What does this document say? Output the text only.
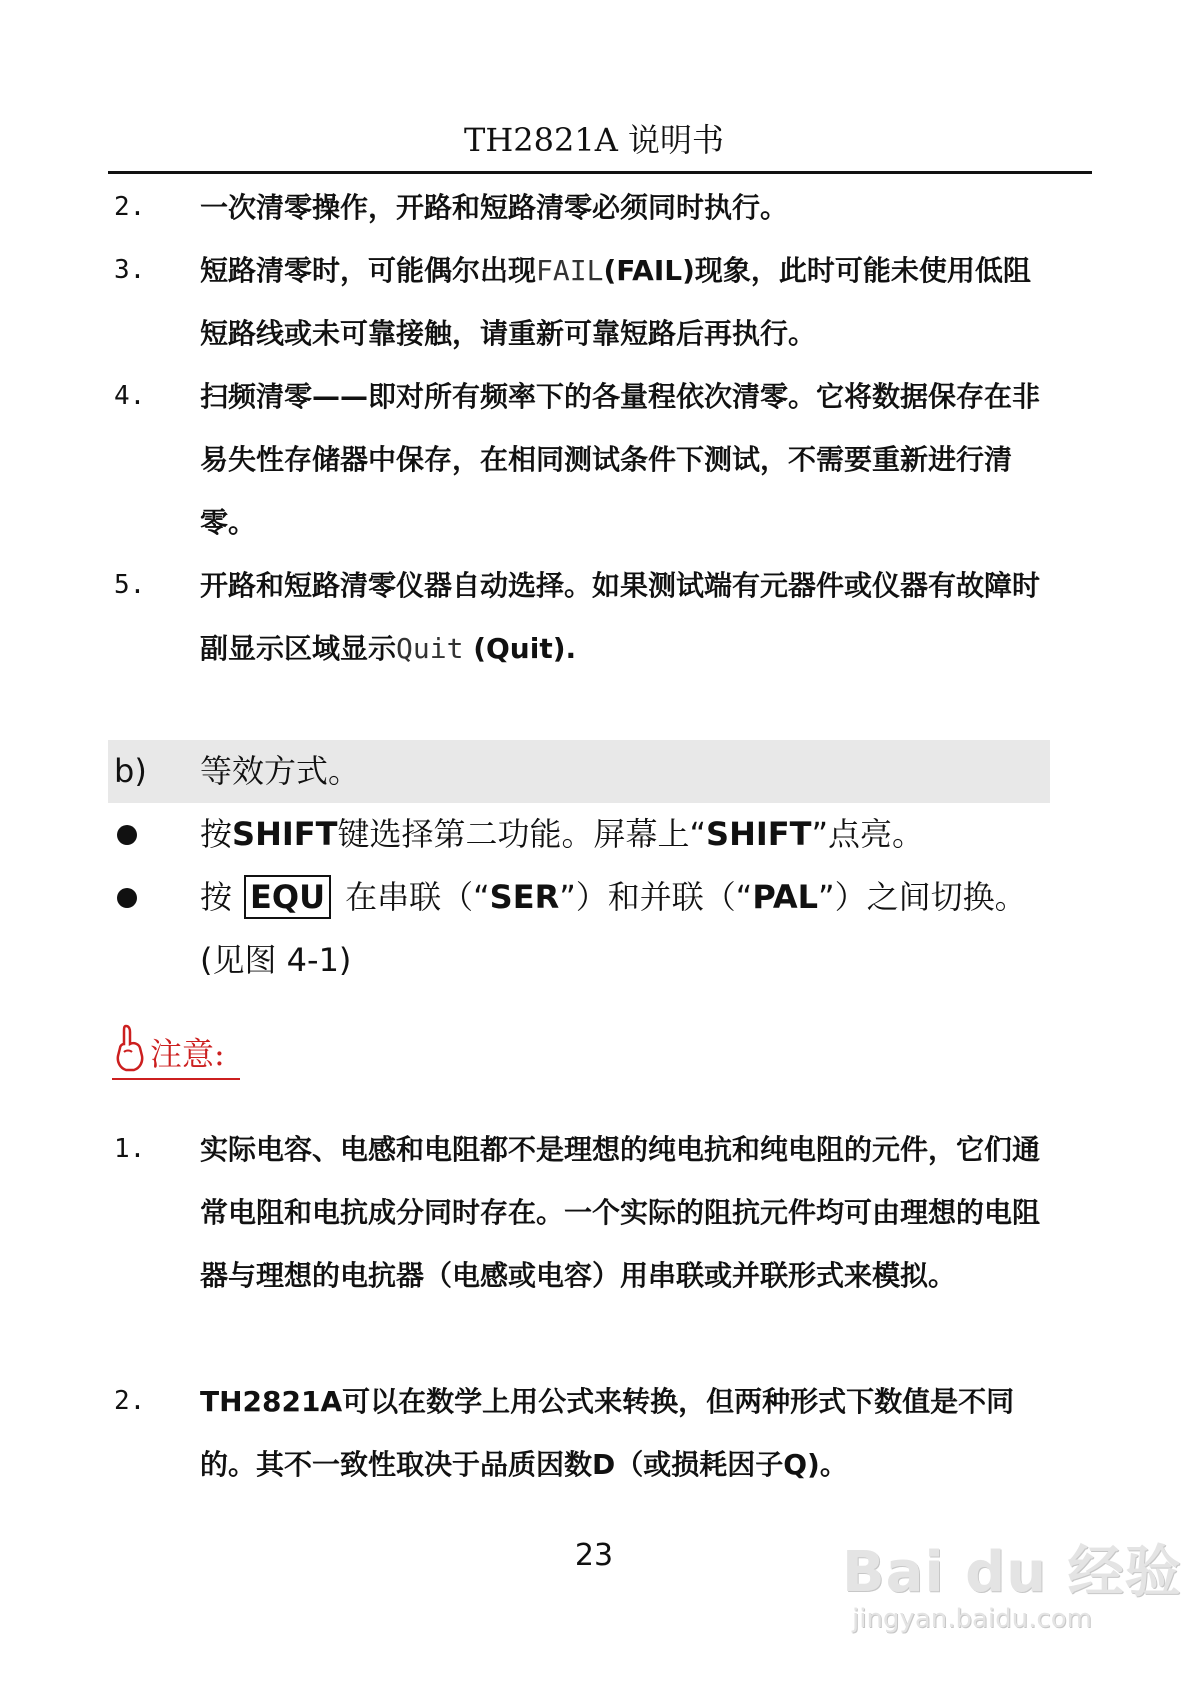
TH2821A 说明书
2. 一次清零操作，开路和短路清零必须同时执行。
3. 短路清零时，可能偶尔出现FAIL(FAIL)现象，此时可能未使用低阻短路线或未可靠接触，请重新可靠短路后再执行。
4. 扫频清零——即对所有频率下的各量程依次清零。它将数据保存在非易失性存储器中保存，在相同测试条件下测试，不需要重新进行清零。
5. 开路和短路清零仪器自动选择。如果测试端有元器件或仪器有故障时副显示区域显示Quit (Quit).
b) 等效方式。
按SHIFT键选择第二功能。屏幕上“SHIFT”点亮。
按 EQU 在串联（“SER”）和并联（“PAL”）之间切换。(见图 4-1)
注意:
1. 实际电容、电感和电阻都不是理想的纯电抗和纯电阻的元件，它们通常电阻和电抗成分同时存在。一个实际的阻抗元件均可由理想的电阻器与理想的电抗器（电感或电容）用串联或并联形式来模拟。
2. TH2821A可以在数学上用公式来转换，但两种形式下数值是不同的。其不一致性取决于品质因数D（或损耗因子Q)。
23	Bai du 经验
jingyan.baidu.com
